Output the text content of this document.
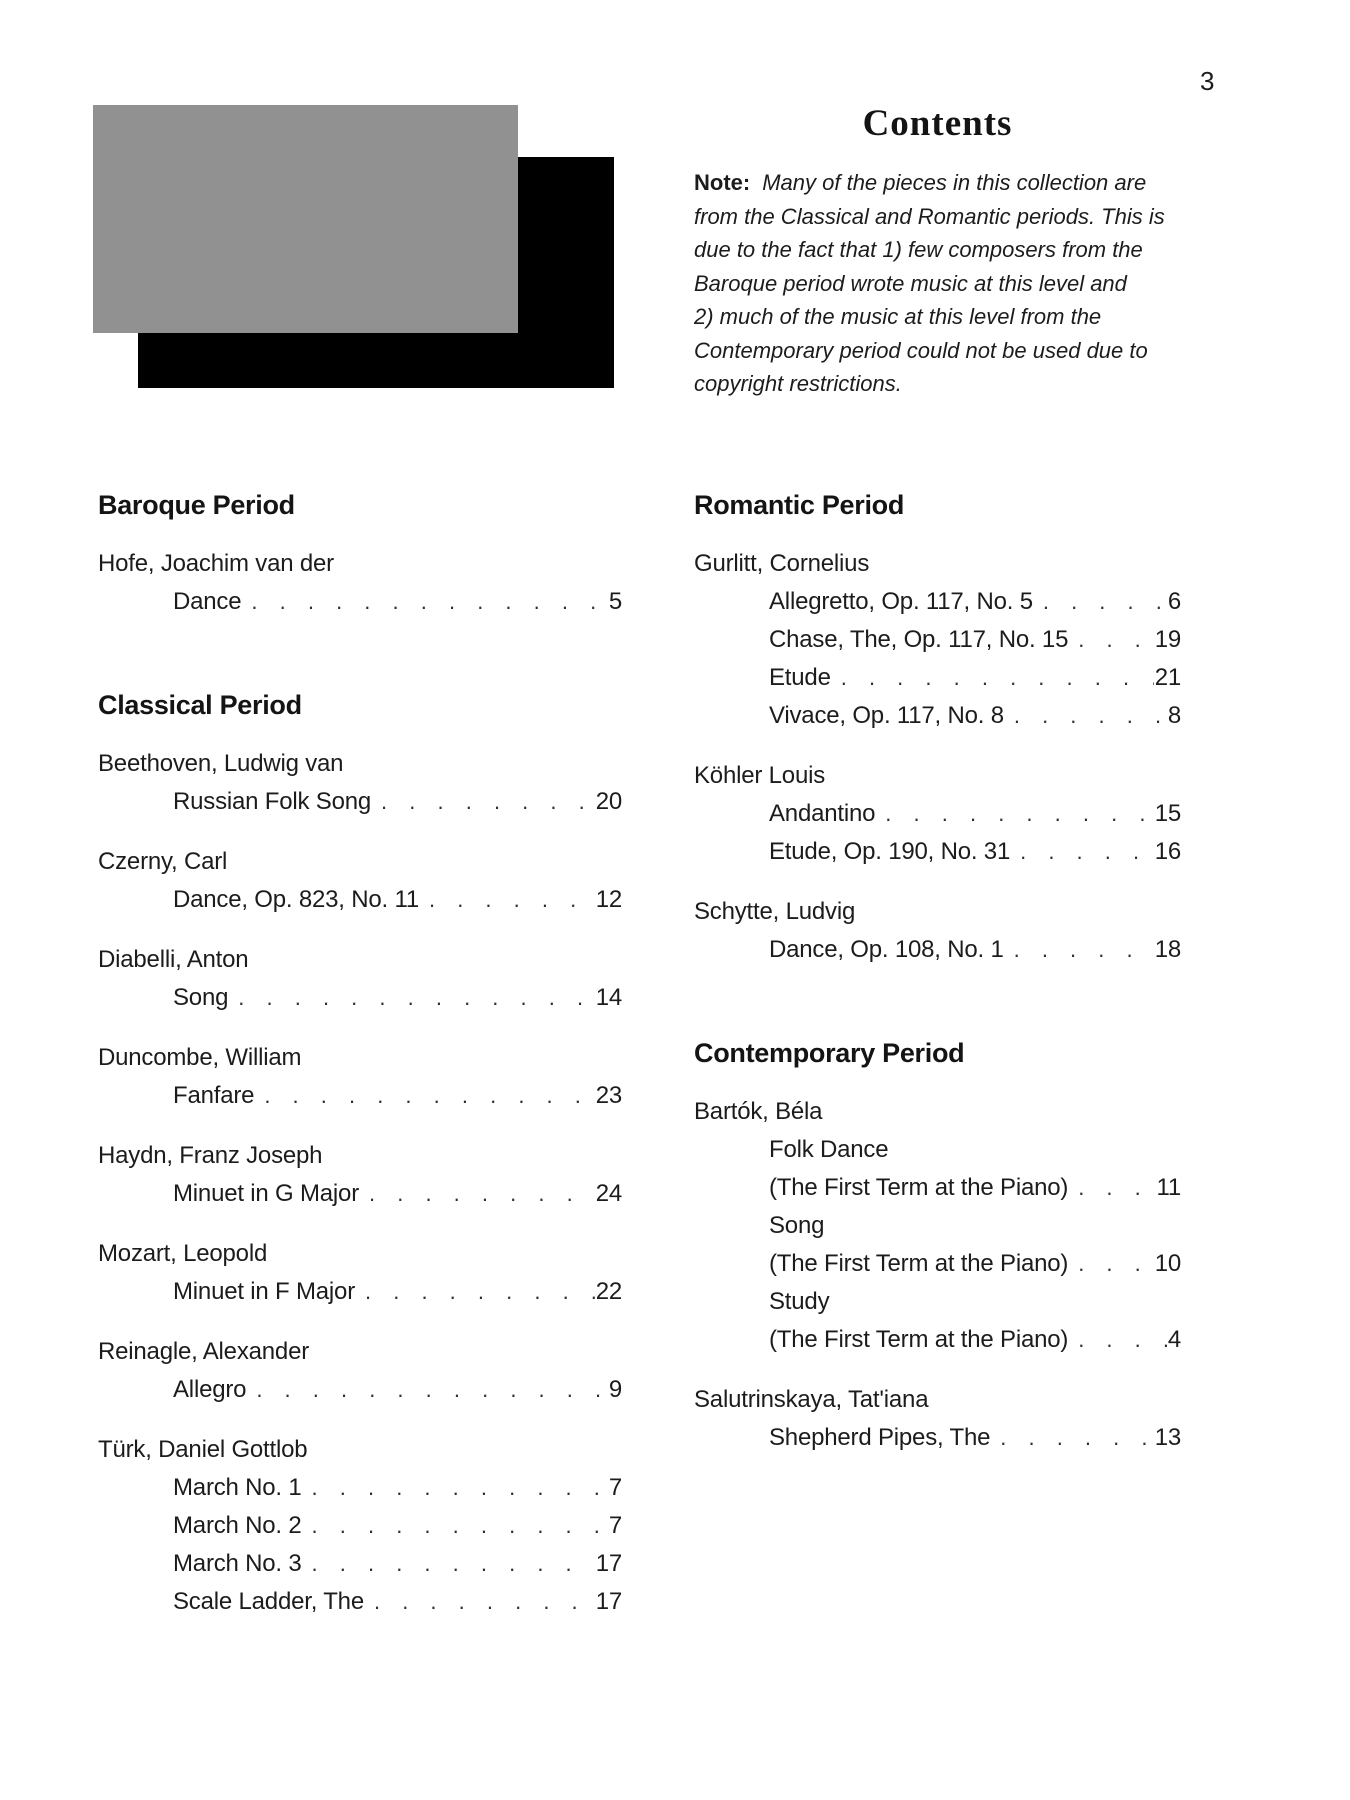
3
Contents
Note: Many of the pieces in this collection are
from the Classical and Romantic periods. This is
due to the fact that 1) few composers from the
Baroque period wrote music at this level and
2) much of the music at this level from the
Contemporary period could not be used due to
copyright restrictions.
Baroque Period
Hofe, Joachim van der
Dance . . .	5
Classical Period
Beethoven, Ludwig van
Russian Folk Song . . .	20
Czerny, Carl
Dance, Op. 823, No. 11 . . .	12
Diabelli, Anton
Song . . .	14
Duncombe, William
Fanfare . . .	23
Haydn, Franz Joseph
Minuet in G Major . . .	24
Mozart, Leopold
Minuet in F Major . . .	22
Reinagle, Alexander
Allegro . . .	9
Türk, Daniel Gottlob
March No. 1 . . .	7
March No. 2 . . .	7
March No. 3 . . .	17
Scale Ladder, The . . .	17
Romantic Period
Gurlitt, Cornelius
Allegretto, Op. 117, No. 5 . . .	6
Chase, The, Op. 117, No. 15 . . .	19
Etude . . .	21
Vivace, Op. 117, No. 8 . . .	8
Köhler Louis
Andantino . . .	15
Etude, Op. 190, No. 31 . . .	16
Schytte, Ludvig
Dance, Op. 108, No. 1 . . .	18
Contemporary Period
Bartók, Béla
Folk Dance
(The First Term at the Piano) . . .	11
Song
(The First Term at the Piano) . . .	10
Study
(The First Term at the Piano) . . .	4
Salutrinskaya, Tat'iana
Shepherd Pipes, The . . .	13
